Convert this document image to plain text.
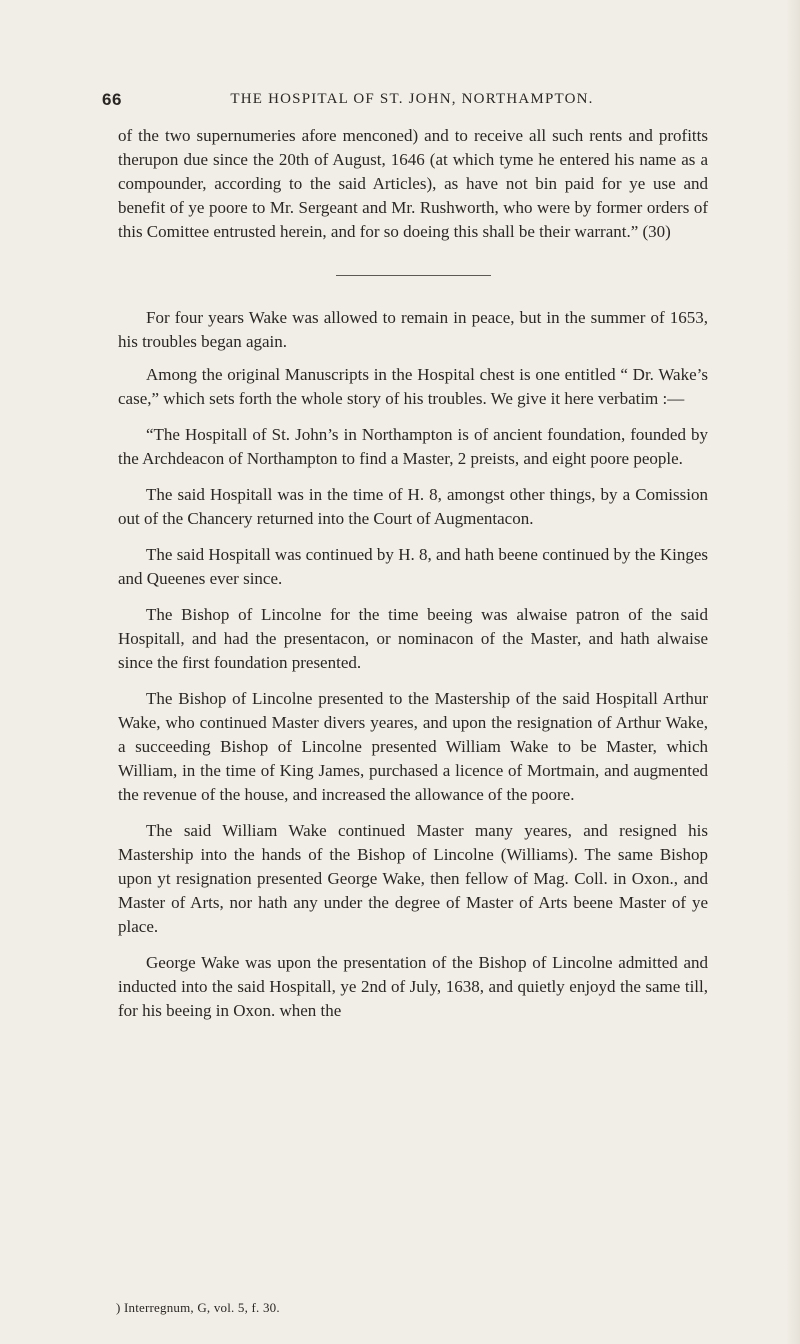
66	THE HOSPITAL OF ST. JOHN, NORTHAMPTON.

of the two supernumeries afore menconed) and to receive all such rents and profitts therupon due since the 20th of August, 1646 (at which tyme he entered his name as a compounder, according to the said Articles), as have not bin paid for ye use and benefit of ye poore to Mr. Sergeant and Mr. Rushworth, who were by former orders of this Comittee entrusted herein, and for so doeing this shall be their warrant.” (30)

For four years Wake was allowed to remain in peace, but in the summer of 1653, his troubles began again.

Among the original Manuscripts in the Hospital chest is one entitled “ Dr. Wake’s case,” which sets forth the whole story of his troubles. We give it here verbatim :—

“The Hospitall of St. John’s in Northampton is of ancient foundation, founded by the Archdeacon of Northampton to find a Master, 2 preists, and eight poore people.

The said Hospitall was in the time of H. 8, amongst other things, by a Comission out of the Chancery returned into the Court of Augmentacon.

The said Hospitall was continued by H. 8, and hath beene continued by the Kinges and Queenes ever since.

The Bishop of Lincolne for the time beeing was alwaise patron of the said Hospitall, and had the presentacon, or nominacon of the Master, and hath alwaise since the first foundation presented.

The Bishop of Lincolne presented to the Mastership of the said Hospitall Arthur Wake, who continued Master divers yeares, and upon the resignation of Arthur Wake, a succeeding Bishop of Lincolne presented William Wake to be Master, which William, in the time of King James, purchased a licence of Mortmain, and augmented the revenue of the house, and increased the allowance of the poore.

The said William Wake continued Master many yeares, and resigned his Mastership into the hands of the Bishop of Lincolne (Williams). The same Bishop upon yt resignation presented George Wake, then fellow of Mag. Coll. in Oxon., and Master of Arts, nor hath any under the degree of Master of Arts beene Master of ye place.

George Wake was upon the presentation of the Bishop of Lincolne admitted and inducted into the said Hospitall, ye 2nd of July, 1638, and quietly enjoyd the same till, for his beeing in Oxon. when the

) Interregnum, G, vol. 5, f. 30.
